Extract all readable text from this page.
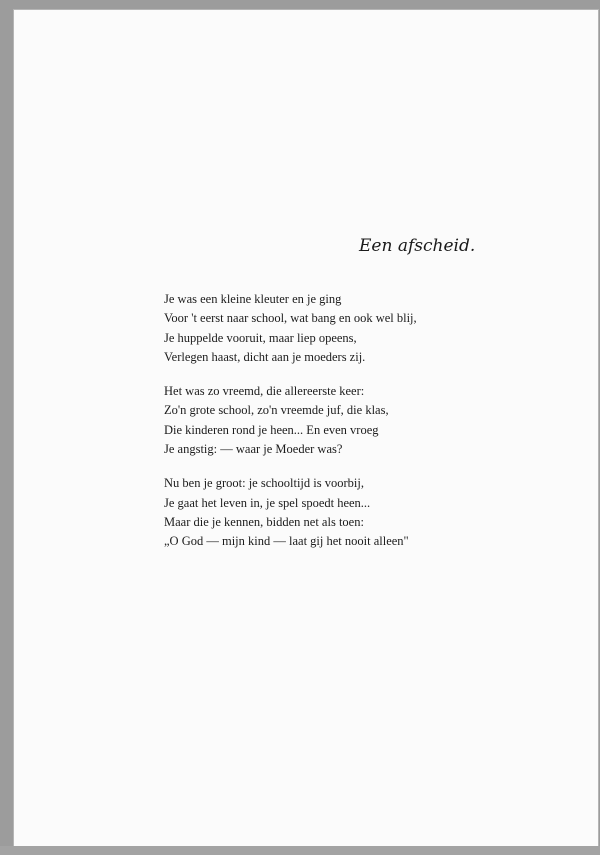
Een afscheid.
Je was een kleine kleuter en je ging
Voor 't eerst naar school, wat bang en ook wel blij,
Je huppelde vooruit, maar liep opeens,
Verlegen haast, dicht aan je moeders zij.
Het was zo vreemd, die allereerste keer:
Zo'n grote school, zo'n vreemde juf, die klas,
Die kinderen rond je heen... En even vroeg
Je angstig: — waar je Moeder was?
Nu ben je groot: je schooltijd is voorbij,
Je gaat het leven in, je spel spoedt heen...
Maar die je kennen, bidden net als toen:
„O God — mijn kind — laat gij het nooit alleen"
